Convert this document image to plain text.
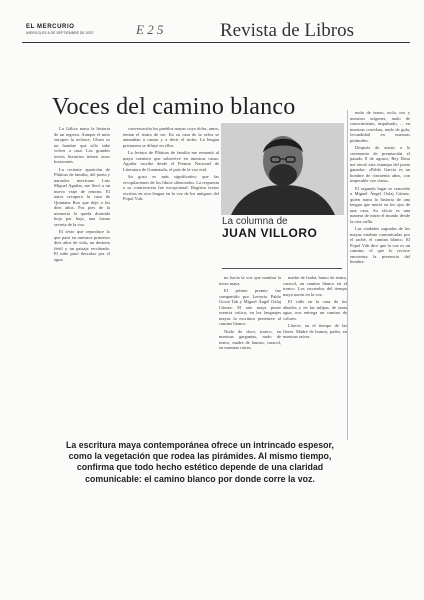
EL MERCURIO
MIERCOLES 5 DE SEPTIEMBRE DE 2007	E 2 5	Revista de Libros
Voces del camino blanco

La Gálica narra la historia de un regreso. Aunque el mito europeo la rechace, Ulises es un hombre que sólo sabe volver a casa. Los grandes textos literarios tienen otros horizontes.

La reciente aparición de Pláticas de familia, del poeta y narrador mexicano Luis Miguel Aguilar, me llevó a un nuevo viaje de retorno. El autor recupera la casa de Quintana Roo que dejó a los diez años. Por pies de la memoria la queda dormida hoja por hoja, una forma secreta de la voz.

El texto que reproduce lo que pasó en nuestros primeros diez años de vida, un desierto fértil y un paisaje recobrado. El niño pasó descalzo por el agua.

conversación los pueblos mayas cuyo dolor, amor, tenían el teatro de ser. En su casa de la selva se animaban a cantar y a decir el techo. La lengua prisionera se diluye en ellos.

La lectura de Pláticas de familia me remontó al maya cuentero que sobrevive en nuestras casas. Aguilar escribe desde el Premio Nacional de Literatura de Guatemala, el país de la voz oral.

Su gozo es más significativo que las recopilaciones de los libros silenciados. La respuesta a su controversia fue excepcional. Registra textos escritos en otra lengua en la voz de los antiguos del Popol Vuh.

La columna de
JUAN VILLORO

no hacía la voz que nombra la tierra maya.

El primer premio fue compartido por Leoncio Pablo Gocta Tah y Miguel Ángel Oxlaj Cúmez. El arte maya posee esencia crítica; en los lenguajes mayas la escritura pertenece al camino blanco.

Nudo de doce, tronco, en nuestras gargantas, nudo de teatro, madre de humos, caracol, en nuestras raíces.

madre de Ixabá, humo de teatro, caracol, un camino blanco en el tronco. Los recuerdos del tiempo maya nacen en la voz.

El valle en la casa de los abuelos y en las milpas, de tanta agua, nos entrega un camino de colores.

Llueve, en el tiempo de las flores. Madre de humos, padre, en nuestras raíces.

nudo de teatro, tecla, oro y nuestros orígenes, nudo de conocimiento, impulsado, ... en nuestras cosechas, nudo de gula, fecundidad en nuestras pirámides.

Después de asistir a la ceremonia de premiación el pasado 8 de agosto, Rey Rosa me envió esta estampa del poeta ganador: «Pablo García es un hombre de cincuenta años, con impecable voz clara».

El segundo lugar se concedió a Miguel Ángel Oxlaj Cúmez, quien narra la historia de una lengua que murió en los ojos de una casa. Su oficio es una manera de mirar el mundo desde la otra orilla.

Las ciudades sagradas de los mayas estaban comunicadas por el sacbé, el camino blanco. El Popol Vuh dice que la voz es un camino; el que lo recorre encuentra la presencia del hombre.

La escritura maya contemporánea ofrece un intrincado espesor, como la vegetación que rodea las pirámides. Al mismo tiempo, confirma que todo hecho estético depende de una claridad comunicable: el camino blanco por donde corre la voz.
